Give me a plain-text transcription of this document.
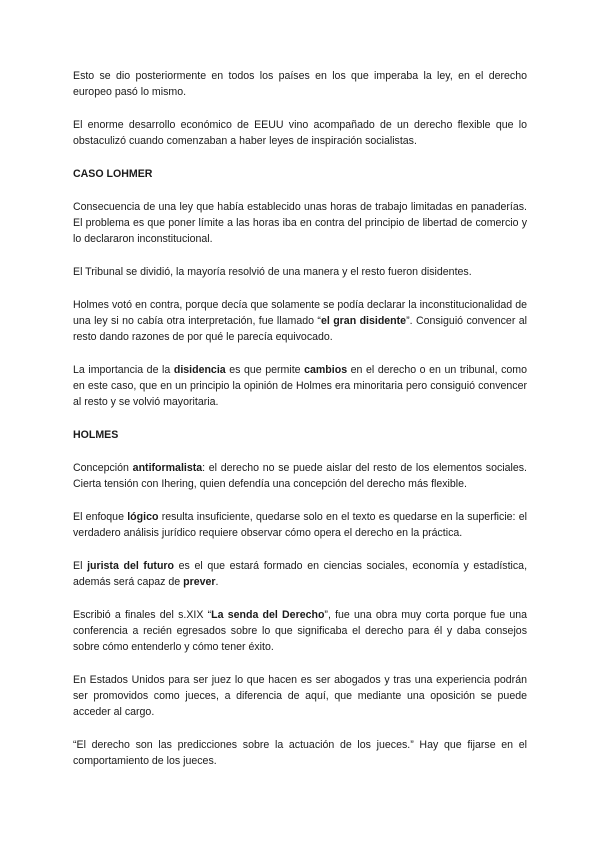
Esto se dio posteriormente en todos los países en los que imperaba la ley, en el derecho europeo pasó lo mismo.

El enorme desarrollo económico de EEUU vino acompañado de un derecho flexible que lo obstaculizó cuando comenzaban a haber leyes de inspiración socialistas.

CASO LOHMER

Consecuencia de una ley que había establecido unas horas de trabajo limitadas en panaderías. El problema es que poner límite a las horas iba en contra del principio de libertad de comercio y lo declararon inconstitucional.

El Tribunal se dividió, la mayoría resolvió de una manera y el resto fueron disidentes.

Holmes votó en contra, porque decía que solamente se podía declarar la inconstitucionalidad de una ley si no cabía otra interpretación, fue llamado “el gran disidente”. Consiguió convencer al resto dando razones de por qué le parecía equivocado.

La importancia de la disidencia es que permite cambios en el derecho o en un tribunal, como en este caso, que en un principio la opinión de Holmes era minoritaria pero consiguió convencer al resto y se volvió mayoritaria.

HOLMES

Concepción antiformalista: el derecho no se puede aislar del resto de los elementos sociales. Cierta tensión con Ihering, quien defendía una concepción del derecho más flexible.

El enfoque lógico resulta insuficiente, quedarse solo en el texto es quedarse en la superficie: el verdadero análisis jurídico requiere observar cómo opera el derecho en la práctica.

El jurista del futuro es el que estará formado en ciencias sociales, economía y estadística, además será capaz de prever.

Escribió a finales del s.XIX “La senda del Derecho”, fue una obra muy corta porque fue una conferencia a recién egresados sobre lo que significaba el derecho para él y daba consejos sobre cómo entenderlo y cómo tener éxito.

En Estados Unidos para ser juez lo que hacen es ser abogados y tras una experiencia podrán ser promovidos como jueces, a diferencia de aquí, que mediante una oposición se puede acceder al cargo.

“El derecho son las predicciones sobre la actuación de los jueces.” Hay que fijarse en el comportamiento de los jueces.
